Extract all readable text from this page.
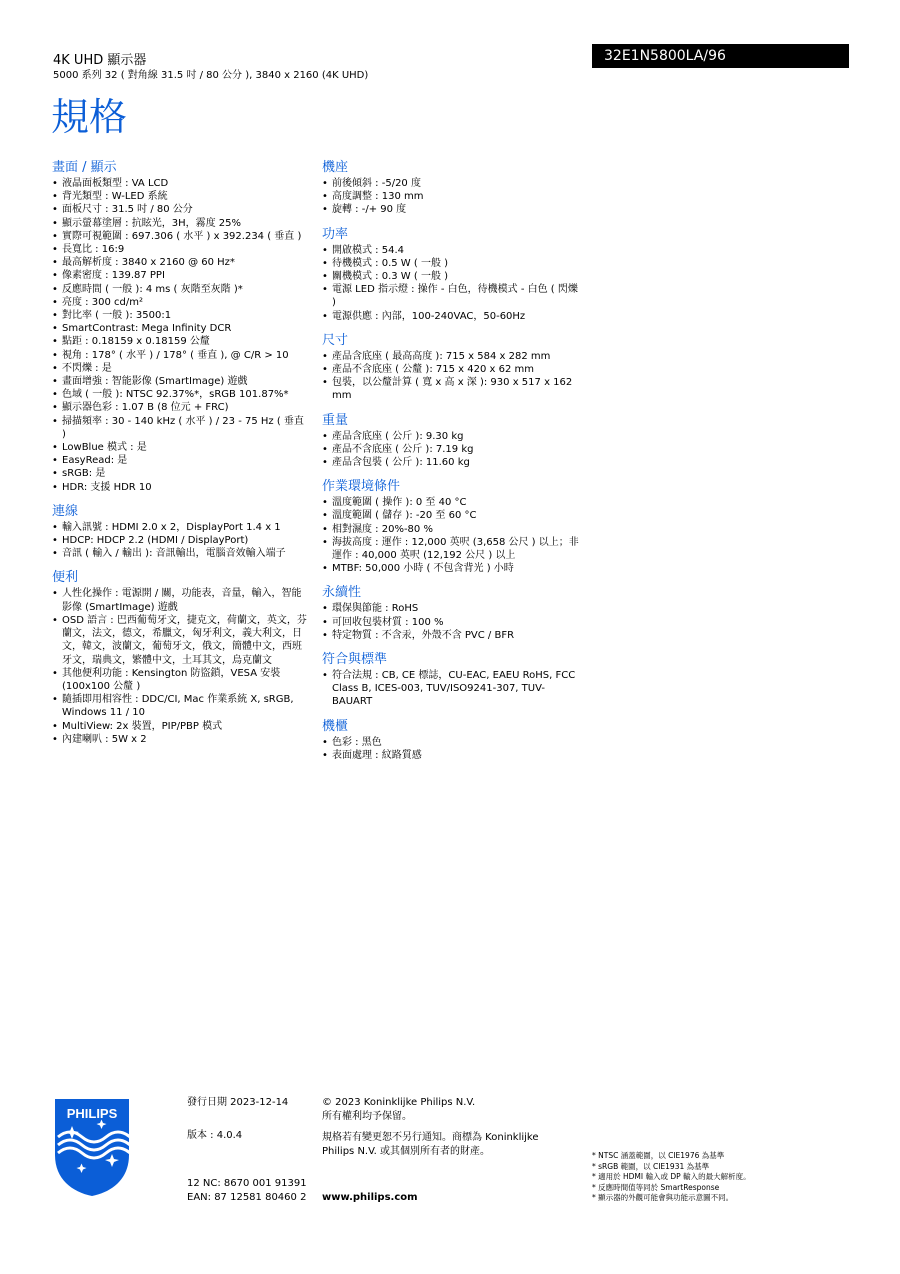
4K UHD 顯示器
5000 系列 32 ( 對角線 31.5 吋 / 80 公分 ), 3840 x 2160 (4K UHD)
32E1N5800LA/96
規格
畫面 / 顯示
• 液晶面板類型 : VA LCD
• 背光類型 : W-LED 系統
• 面板尺寸 : 31.5 吋 / 80 公分
• 顯示螢幕塗層 : 抗眩光，3H，霧度 25%
• 實際可視範圍 : 697.306 ( 水平 ) x 392.234 ( 垂直 )
• 長寬比 : 16:9
• 最高解析度 : 3840 x 2160 @ 60 Hz*
• 像素密度 : 139.87 PPI
• 反應時間 ( 一般 ): 4 ms ( 灰階至灰階 )*
• 亮度 : 300 cd/m²
• 對比率 ( 一般 ): 3500:1
• SmartContrast: Mega Infinity DCR
• 點距 : 0.18159 x 0.18159 公釐
• 視角 : 178° ( 水平 ) / 178° ( 垂直 ), @ C/R > 10
• 不閃爍 : 是
• 畫面增強 : 智能影像 (SmartImage) 遊戲
• 色域 ( 一般 ): NTSC 92.37%*，sRGB 101.87%*
• 顯示器色彩 : 1.07 B (8 位元 + FRC)
• 掃描頻率 : 30 - 140 kHz ( 水平 ) / 23 - 75 Hz ( 垂直 )
• LowBlue 模式 : 是
• EasyRead: 是
• sRGB: 是
• HDR: 支援 HDR 10
連線
• 輸入訊號 : HDMI 2.0 x 2，DisplayPort 1.4 x 1
• HDCP: HDCP 2.2 (HDMI / DisplayPort)
• 音訊 ( 輸入 / 輸出 ): 音訊輸出，電腦音效輸入端子
便利
• 人性化操作 : 電源開 / 關，功能表，音量，輸入，智能影像 (SmartImage) 遊戲
• OSD 語言 : 巴西葡萄牙文，捷克文，荷蘭文，英文，芬蘭文，法文，德文，希臘文，匈牙利文，義大利文，日文，韓文，波蘭文，葡萄牙文，俄文，簡體中文，西班牙文，瑞典文，繁體中文，土耳其文，烏克蘭文
• 其他便利功能 : Kensington 防盜鎖，VESA 安裝 (100x100 公釐 )
• 隨插即用相容性 : DDC/CI, Mac 作業系統 X, sRGB, Windows 11 / 10
• MultiView: 2x 裝置，PIP/PBP 模式
• 內建喇叭 : 5W x 2
機座
• 前後傾斜 : -5/20 度
• 高度調整 : 130 mm
• 旋轉 : -/+ 90 度
功率
• 開啟模式 : 54.4
• 待機模式 : 0.5 W ( 一般 )
• 關機模式 : 0.3 W ( 一般 )
• 電源 LED 指示燈 : 操作 - 白色，待機模式 - 白色 ( 閃爍 )
• 電源供應 : 內部，100-240VAC，50-60Hz
尺寸
• 產品含底座 ( 最高高度 ): 715 x 584 x 282 mm
• 產品不含底座 ( 公釐 ): 715 x 420 x 62 mm
• 包裝，以公釐計算 ( 寬 x 高 x 深 ): 930 x 517 x 162 mm
重量
• 產品含底座 ( 公斤 ): 9.30 kg
• 產品不含底座 ( 公斤 ): 7.19 kg
• 產品含包裝 ( 公斤 ): 11.60 kg
作業環境條件
• 溫度範圍 ( 操作 ): 0 至 40 °C
• 溫度範圍 ( 儲存 ): -20 至 60 °C
• 相對濕度 : 20%-80 %
• 海拔高度 : 運作 : 12,000 英呎 (3,658 公尺 ) 以上；非運作 : 40,000 英呎 (12,192 公尺 ) 以上
• MTBF: 50,000 小時 ( 不包含背光 ) 小時
永續性
• 環保與節能 : RoHS
• 可回收包裝材質 : 100 %
• 特定物質 : 不含汞，外殼不含 PVC / BFR
符合與標準
• 符合法規 : CB, CE 標誌，CU-EAC, EAEU RoHS, FCC Class B, ICES-003, TUV/ISO9241-307, TUV-BAUART
機櫃
• 色彩 : 黑色
• 表面處理 : 紋路質感
PHILIPS
發行日期 2023-12-14
版本 : 4.0.4
12 NC: 8670 001 91391
EAN: 87 12581 80460 2
© 2023 Koninklijke Philips N.V.
所有權利均予保留。
規格若有變更恕不另行通知。商標為 Koninklijke
Philips N.V. 或其個別所有者的財產。
www.philips.com
* NTSC 涵蓋範圍，以 CIE1976 為基準
* sRGB 範圍，以 CIE1931 為基準
* 適用於 HDMI 輸入或 DP 輸入的最大解析度。
* 反應時間值等同於 SmartResponse
* 顯示器的外觀可能會與功能示意圖不同。
